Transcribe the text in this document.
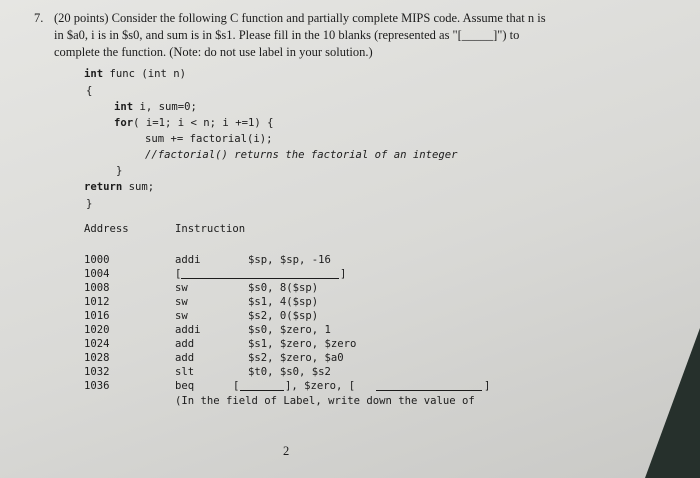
7. (20 points) Consider the following C function and partially complete MIPS code. Assume that n is
in $a0, i is in $s0, and sum is in $s1. Please fill in the 10 blanks (represented as "[_____]") to
complete the function. (Note: do not use label in your solution.)
int func (int n)
{
int i, sum=0;
for( i=1; i < n; i +=1) {
sum += factorial(i);
//factorial() returns the factorial of an integer
}
return sum;
}
Address	Instruction
1000	addi	$sp, $sp, -16
1004	[	]
1008	sw	$s0, 8($sp)
1012	sw	$s1, 4($sp)
1016	sw	$s2, 0($sp)
1020	addi	$s0, $zero, 1
1024	add	$s1, $zero, $zero
1028	add	$s2, $zero, $a0
1032	slt	$t0, $s0, $s2
1036	beq	[	], $zero, [	]
(In the field of Label, write down the value of
2
